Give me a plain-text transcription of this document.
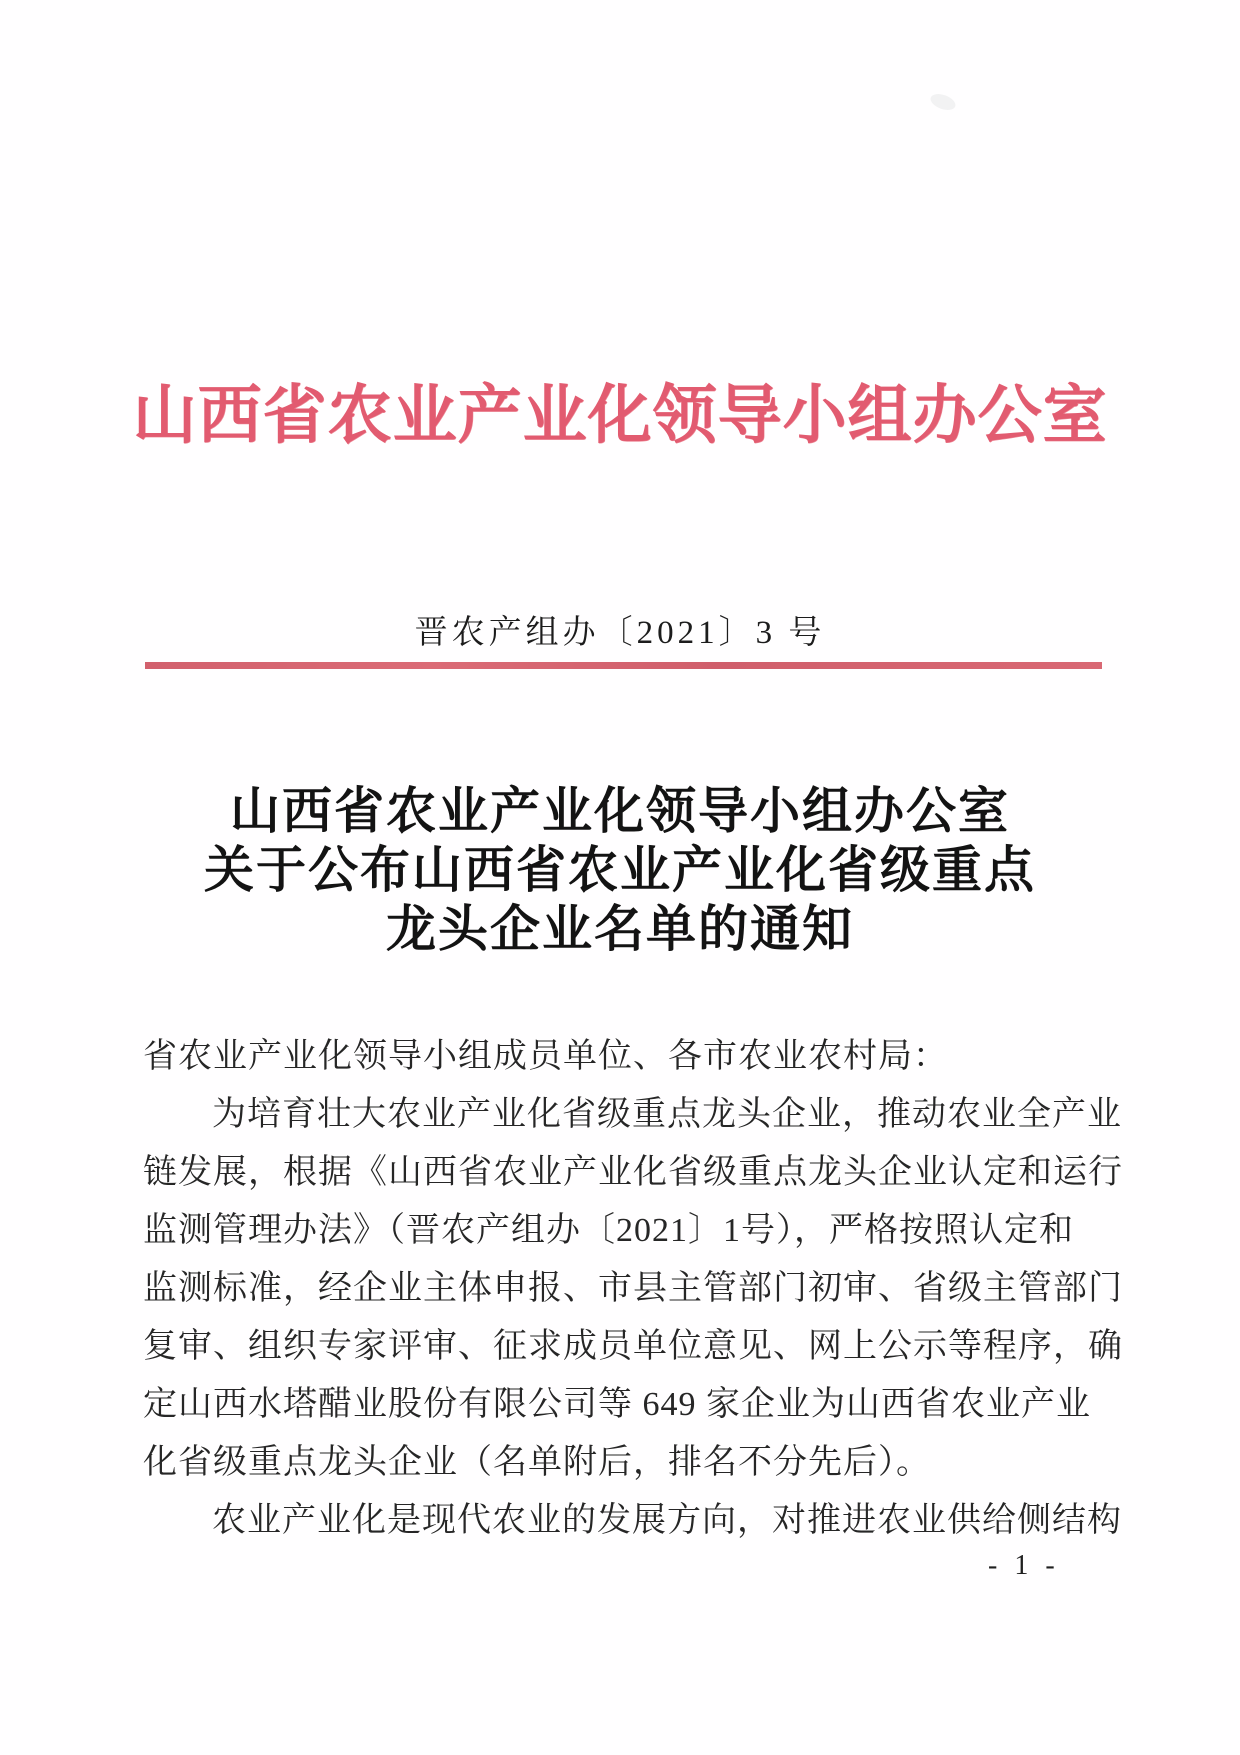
山西省农业产业化领导小组办公室
晋农产组办〔2021〕3 号
山西省农业产业化领导小组办公室
关于公布山西省农业产业化省级重点
龙头企业名单的通知
省农业产业化领导小组成员单位、各市农业农村局：
为培育壮大农业产业化省级重点龙头企业，推动农业全产业
链发展，根据《山西省农业产业化省级重点龙头企业认定和运行
监测管理办法》（晋农产组办〔2021〕1号），严格按照认定和
监测标准，经企业主体申报、市县主管部门初审、省级主管部门
复审、组织专家评审、征求成员单位意见、网上公示等程序，确
定山西水塔醋业股份有限公司等 649 家企业为山西省农业产业
化省级重点龙头企业（名单附后，排名不分先后）。
农业产业化是现代农业的发展方向，对推进农业供给侧结构
- 1 -
